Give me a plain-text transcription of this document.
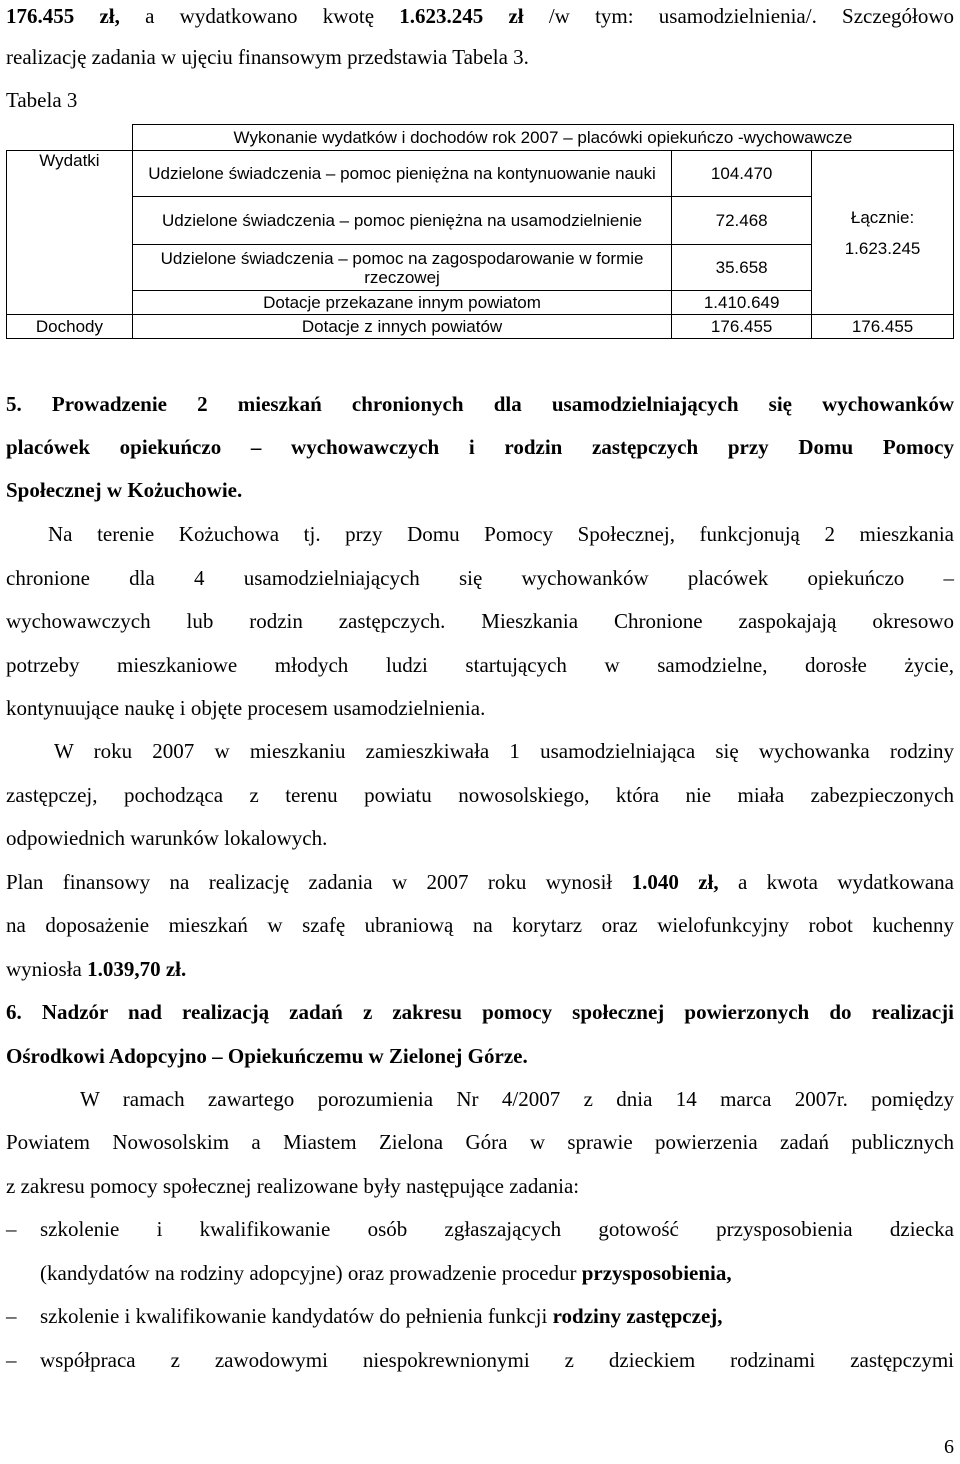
176.455 zł, a wydatkowano kwotę 1.623.245 zł /w tym: usamodzielnienia/. Szczegółowo
realizację zadania w ujęciu finansowym przedstawia Tabela 3.
Tabela 3
	Wykonanie wydatków i dochodów rok 2007 – placówki opiekuńczo -wychowawcze		
Wydatki	Udzielone świadczenia – pomoc pieniężna na kontynuowanie nauki	104.470	Łącznie:
1.623.245

	Udzielone świadczenia – pomoc pieniężna na usamodzielnienie	72.468	
	Udzielone świadczenia – pomoc na zagospodarowanie w formie rzeczowej	35.658	
	Dotacje przekazane innym powiatom	1.410.649	
Dochody	Dotacje z innych powiatów	176.455	176.455
5. Prowadzenie 2 mieszkań chronionych dla usamodzielniających się wychowanków
placówek opiekuńczo – wychowawczych i rodzin zastępczych przy Domu Pomocy
Społecznej w Kożuchowie.
Na terenie Kożuchowa tj. przy Domu Pomocy Społecznej, funkcjonują 2 mieszkania
chronione dla 4 usamodzielniających się wychowanków placówek opiekuńczo –
wychowawczych lub rodzin zastępczych. Mieszkania Chronione zaspokajają okresowo
potrzeby mieszkaniowe młodych ludzi startujących w samodzielne, dorosłe życie,
kontynuujące naukę i objęte procesem usamodzielnienia.
W roku 2007 w mieszkaniu zamieszkiwała 1 usamodzielniająca się wychowanka rodziny
zastępczej, pochodząca z terenu powiatu nowosolskiego, która nie miała zabezpieczonych
odpowiednich warunków lokalowych.
Plan finansowy na realizację zadania w 2007 roku wynosił 1.040 zł, a kwota wydatkowana
na doposażenie mieszkań w szafę ubraniową na korytarz oraz wielofunkcyjny robot kuchenny
wyniosła 1.039,70 zł.
6. Nadzór nad realizacją zadań z zakresu pomocy społecznej powierzonych do realizacji
Ośrodkowi Adopcyjno – Opiekuńczemu w Zielonej Górze.
W ramach zawartego porozumienia Nr 4/2007 z dnia 14 marca 2007r. pomiędzy
Powiatem Nowosolskim a Miastem Zielona Góra w sprawie powierzenia zadań publicznych
z zakresu pomocy społecznej realizowane były następujące zadania:
–	szkolenie i kwalifikowanie osób zgłaszających gotowość przysposobienia dziecka
(kandydatów na rodziny adopcyjne) oraz prowadzenie procedur przysposobienia,
–	szkolenie i kwalifikowanie kandydatów do pełnienia funkcji rodziny zastępczej,
–	współpraca z zawodowymi niespokrewnionymi z dzieckiem rodzinami zastępczymi
6
